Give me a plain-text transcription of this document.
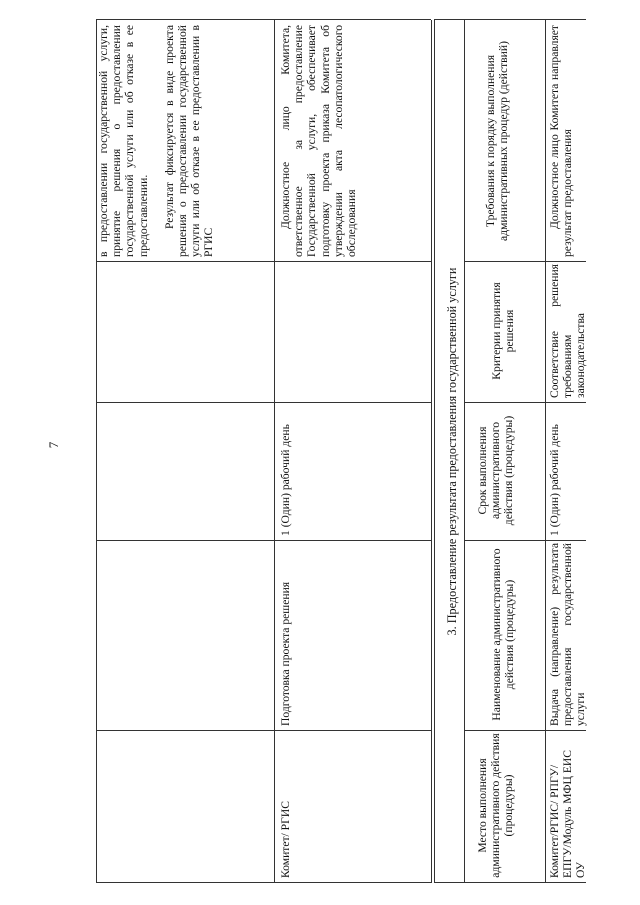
7

в предоставлении государственной услуги, принятие решения о предоставлении государственной услуги или об отказе в ее предоставлении. Результат фиксируется в виде проекта решения о предоставлении государственной услуги или об отказе в ее предоставлении в РГИС

Комитет/ РГИС
Подготовка проекта решения
1 (Один) рабочий день
Должностное лицо Комитета, ответственное за предоставление Государственной услуги, обеспечивает подготовку проекта приказа Комитета об утверждении акта лесопатологического обследования
3. Предоставление результата предоставления государственной услуги
Место выполнения административного действия (процедуры)
Наименование административного действия (процедуры)
Срок выполнения административного действия (процедуры)
Критерии принятия решения
Требования к порядку выполнения административных процедур (действий)
Комитет/РГИС/ РПГУ/ЕПГУ/Модуль МФЦ ЕИС ОУ
Выдача (направление) результата предоставления государственной услуги
1 (Один) рабочий день
Соответствие решения требованиям законодательства
Должностное лицо Комитета направляет результат предоставления
